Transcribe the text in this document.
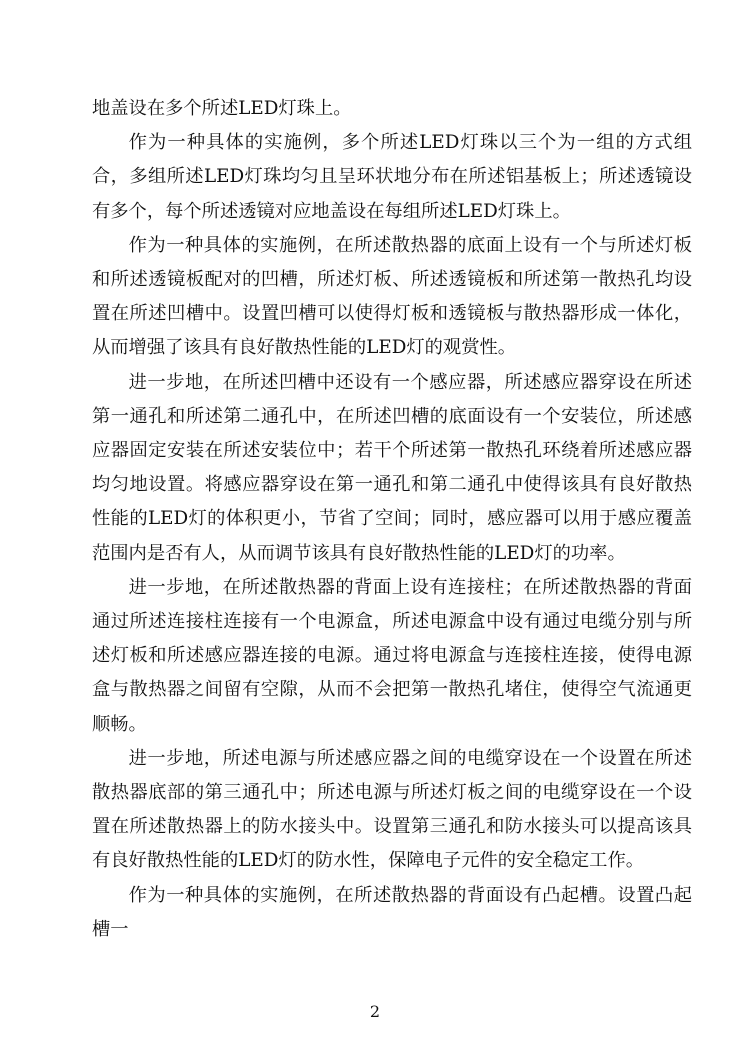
地盖设在多个所述LED灯珠上。

作为一种具体的实施例，多个所述LED灯珠以三个为一组的方式组合，多组所述LED灯珠均匀且呈环状地分布在所述铝基板上；所述透镜设有多个，每个所述透镜对应地盖设在每组所述LED灯珠上。

作为一种具体的实施例，在所述散热器的底面上设有一个与所述灯板和所述透镜板配对的凹槽，所述灯板、所述透镜板和所述第一散热孔均设置在所述凹槽中。设置凹槽可以使得灯板和透镜板与散热器形成一体化，从而增强了该具有良好散热性能的LED灯的观赏性。

进一步地，在所述凹槽中还设有一个感应器，所述感应器穿设在所述第一通孔和所述第二通孔中，在所述凹槽的底面设有一个安装位，所述感应器固定安装在所述安装位中；若干个所述第一散热孔环绕着所述感应器均匀地设置。将感应器穿设在第一通孔和第二通孔中使得该具有良好散热性能的LED灯的体积更小，节省了空间；同时，感应器可以用于感应覆盖范围内是否有人，从而调节该具有良好散热性能的LED灯的功率。

进一步地，在所述散热器的背面上设有连接柱；在所述散热器的背面通过所述连接柱连接有一个电源盒，所述电源盒中设有通过电缆分别与所述灯板和所述感应器连接的电源。通过将电源盒与连接柱连接，使得电源盒与散热器之间留有空隙，从而不会把第一散热孔堵住，使得空气流通更顺畅。

进一步地，所述电源与所述感应器之间的电缆穿设在一个设置在所述散热器底部的第三通孔中；所述电源与所述灯板之间的电缆穿设在一个设置在所述散热器上的防水接头中。设置第三通孔和防水接头可以提高该具有良好散热性能的LED灯的防水性，保障电子元件的安全稳定工作。

作为一种具体的实施例，在所述散热器的背面设有凸起槽。设置凸起槽一

2
